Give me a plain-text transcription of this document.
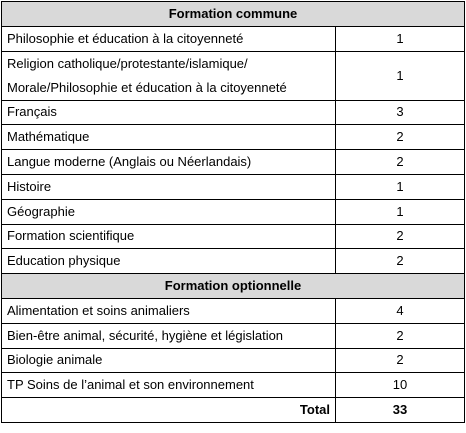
Formation commune	

Philosophie et éducation à la citoyenneté	1

Religion catholique/protestante/islamique/
Morale/Philosophie et éducation à la citoyenneté	1

Français	3

Mathématique	2

Langue moderne (Anglais ou Néerlandais)	2

Histoire	1

Géographie	1

Formation scientifique	2

Education physique	2
Formation optionnelle	

Alimentation et soins animaliers	4

Bien-être animal, sécurité, hygiène et législation	2

Biologie animale	2

TP Soins de l’animal et son environnement	10
Total	33
